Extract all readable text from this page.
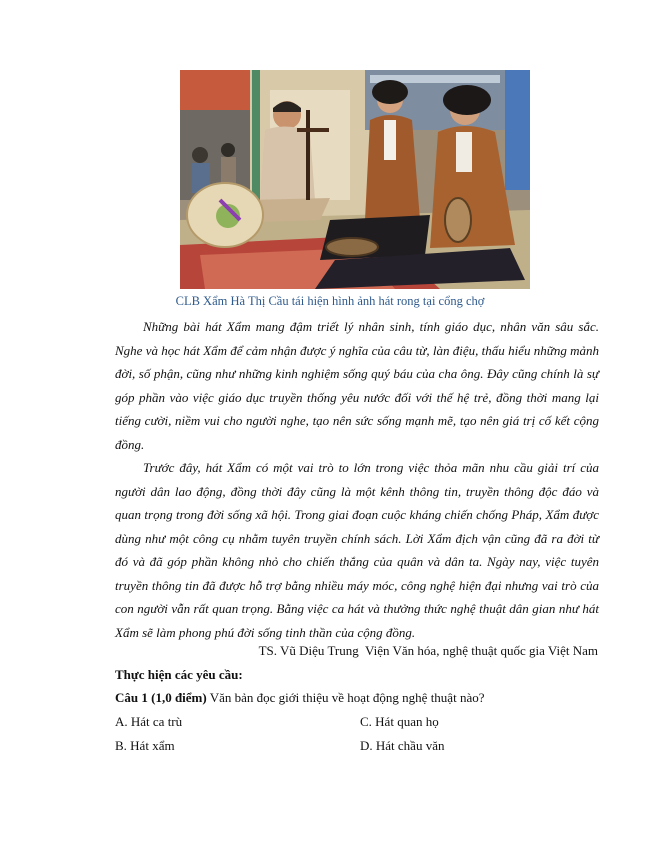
CLB Xẩm Hà Thị Cầu tái hiện hình ảnh hát rong tại cổng chợ

Những bài hát Xẩm mang đậm triết lý nhân sinh, tính giáo dục, nhân văn sâu sắc. Nghe và học hát Xẩm để cảm nhận được ý nghĩa của câu từ, làn điệu, thấu hiểu những mảnh đời, số phận, cũng như những kinh nghiệm sống quý báu của cha ông. Đây cũng chính là sự góp phần vào việc giáo dục truyền thống yêu nước đối với thế hệ trẻ, đồng thời mang lại tiếng cười, niềm vui cho người nghe, tạo nên sức sống mạnh mẽ, tạo nên giá trị cố kết cộng đồng.

Trước đây, hát Xẩm có một vai trò to lớn trong việc thỏa mãn nhu cầu giải trí của người dân lao động, đồng thời đây cũng là một kênh thông tin, truyền thông độc đáo và quan trọng trong đời sống xã hội. Trong giai đoạn cuộc kháng chiến chống Pháp, Xẩm được dùng như một công cụ nhằm tuyên truyền chính sách. Lời Xẩm địch vận cũng đã ra đời từ đó và đã góp phần không nhỏ cho chiến thắng của quân và dân ta. Ngày nay, việc tuyên truyền thông tin đã được hỗ trợ bằng nhiều máy móc, công nghệ hiện đại nhưng vai trò của con người vẫn rất quan trọng. Bằng việc ca hát và thưởng thức nghệ thuật dân gian như hát Xẩm sẽ làm phong phú đời sống tinh thần của cộng đồng.

TS. Vũ Diệu Trung  Viện Văn hóa, nghệ thuật quốc gia Việt Nam
Thực hiện các yêu cầu:
Câu 1 (1,0 điểm) Văn bản đọc giới thiệu về hoạt động nghệ thuật nào?
A. Hát ca trù	C. Hát quan họ
B. Hát xẩm	D. Hát chầu văn
